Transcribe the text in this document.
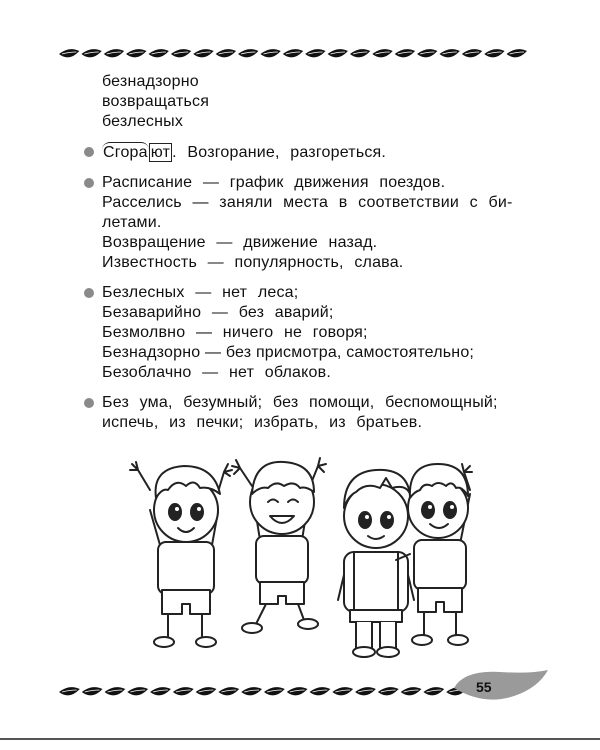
безнадзорно
возвращаться
безлесных
Сгора ют . Возгорание, разгореться.
Расписание — график движения поездов.
Расселись — заняли места в соответствии с би-
летами.
Возвращение — движение назад.
Известность — популярность, слава.
Безлесных — нет леса;
Безаварийно — без аварий;
Безмолвно — ничего не говоря;
Безнадзорно — без присмотра, самостоятельно;
Безоблачно — нет облаков.
Без ума, безумный; без помощи, беспомощный;
испечь, из печки; избрать, из братьев.
55
